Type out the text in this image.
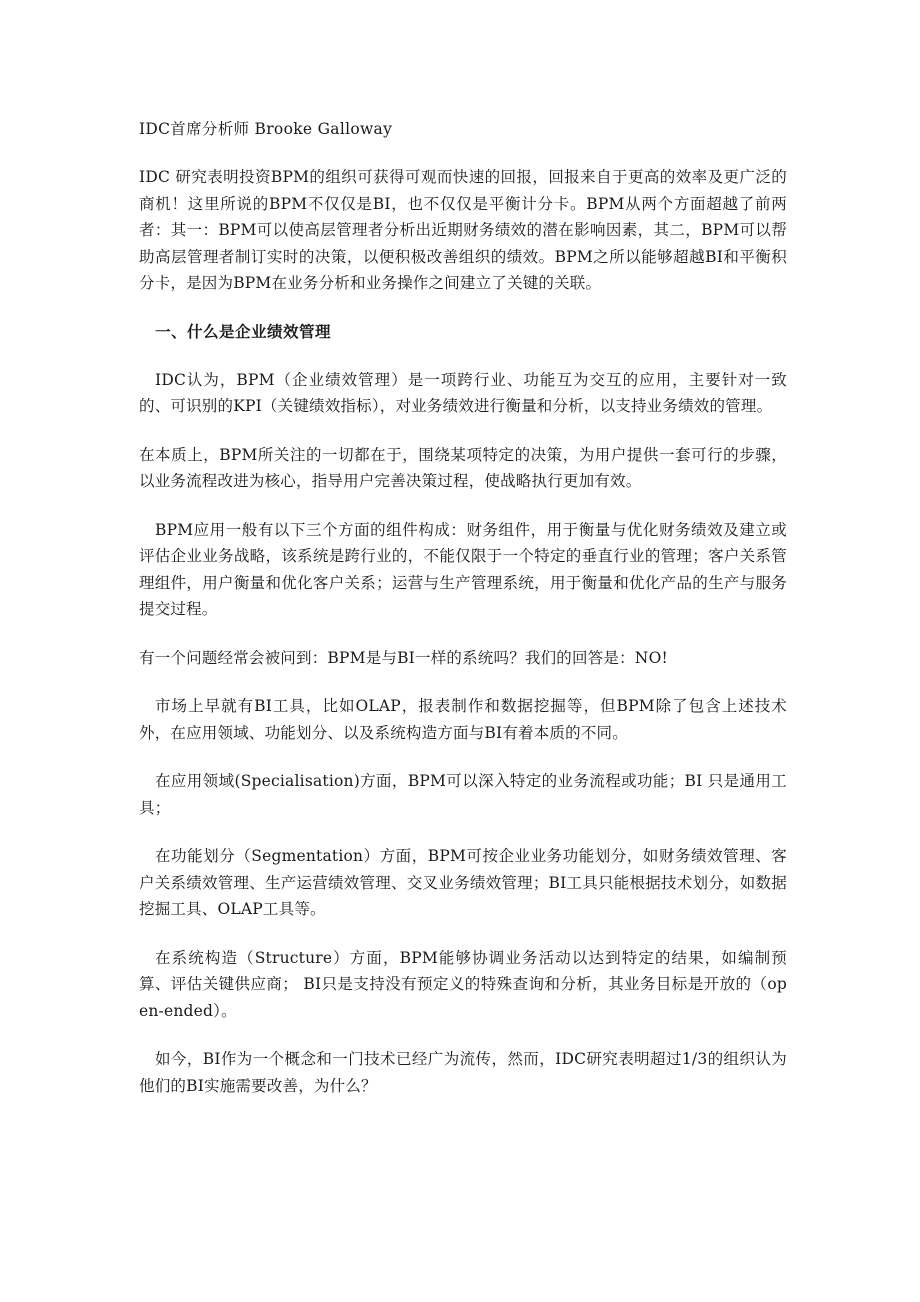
IDC首席分析师 Brooke Galloway

IDC 研究表明投资BPM的组织可获得可观而快速的回报，回报来自于更高的效率及更广泛的商机！这里所说的BPM不仅仅是BI，也不仅仅是平衡计分卡。BPM从两个方面超越了前两者：其一：BPM可以使高层管理者分析出近期财务绩效的潜在影响因素，其二，BPM可以帮助高层管理者制订实时的决策，以便积极改善组织的绩效。BPM之所以能够超越BI和平衡积分卡，是因为BPM在业务分析和业务操作之间建立了关键的关联。

一、什么是企业绩效管理

IDC认为，BPM（企业绩效管理）是一项跨行业、功能互为交互的应用，主要针对一致的、可识别的KPI（关键绩效指标），对业务绩效进行衡量和分析，以支持业务绩效的管理。

在本质上，BPM所关注的一切都在于，围绕某项特定的决策，为用户提供一套可行的步骤，以业务流程改进为核心，指导用户完善决策过程，使战略执行更加有效。

BPM应用一般有以下三个方面的组件构成：财务组件，用于衡量与优化财务绩效及建立或评估企业业务战略，该系统是跨行业的，不能仅限于一个特定的垂直行业的管理；客户关系管理组件，用户衡量和优化客户关系；运营与生产管理系统，用于衡量和优化产品的生产与服务提交过程。

有一个问题经常会被问到：BPM是与BI一样的系统吗？我们的回答是：NO!

市场上早就有BI工具，比如OLAP，报表制作和数据挖掘等，但BPM除了包含上述技术外，在应用领域、功能划分、以及系统构造方面与BI有着本质的不同。

在应用领域(Specialisation)方面，BPM可以深入特定的业务流程或功能；BI 只是通用工具；

在功能划分（Segmentation）方面，BPM可按企业业务功能划分，如财务绩效管理、客户关系绩效管理、生产运营绩效管理、交叉业务绩效管理；BI工具只能根据技术划分，如数据挖掘工具、OLAP工具等。

在系统构造（Structure）方面，BPM能够协调业务活动以达到特定的结果，如编制预算、评估关键供应商； BI只是支持没有预定义的特殊查询和分析，其业务目标是开放的（open-ended）。

如今，BI作为一个概念和一门技术已经广为流传，然而，IDC研究表明超过1/3的组织认为他们的BI实施需要改善，为什么？
